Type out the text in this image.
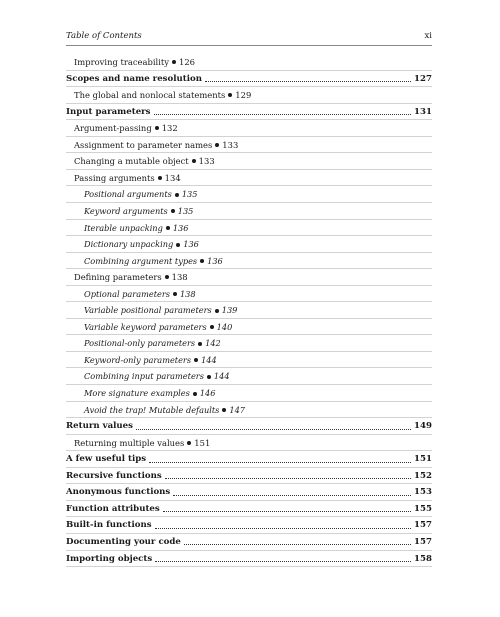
Table of Contents	xi
Improving traceability 126
Scopes and name resolution	127
The global and nonlocal statements 129
Input parameters	131
Argument-passing 132
Assignment to parameter names 133
Changing a mutable object 133
Passing arguments 134
Positional arguments 135
Keyword arguments 135
Iterable unpacking 136
Dictionary unpacking 136
Combining argument types 136
Defining parameters 138
Optional parameters 138
Variable positional parameters 139
Variable keyword parameters 140
Positional-only parameters 142
Keyword-only parameters 144
Combining input parameters 144
More signature examples 146
Avoid the trap! Mutable defaults 147
Return values	149
Returning multiple values 151
A few useful tips	151
Recursive functions	152
Anonymous functions	153
Function attributes	155
Built-in functions	157
Documenting your code	157
Importing objects	158
